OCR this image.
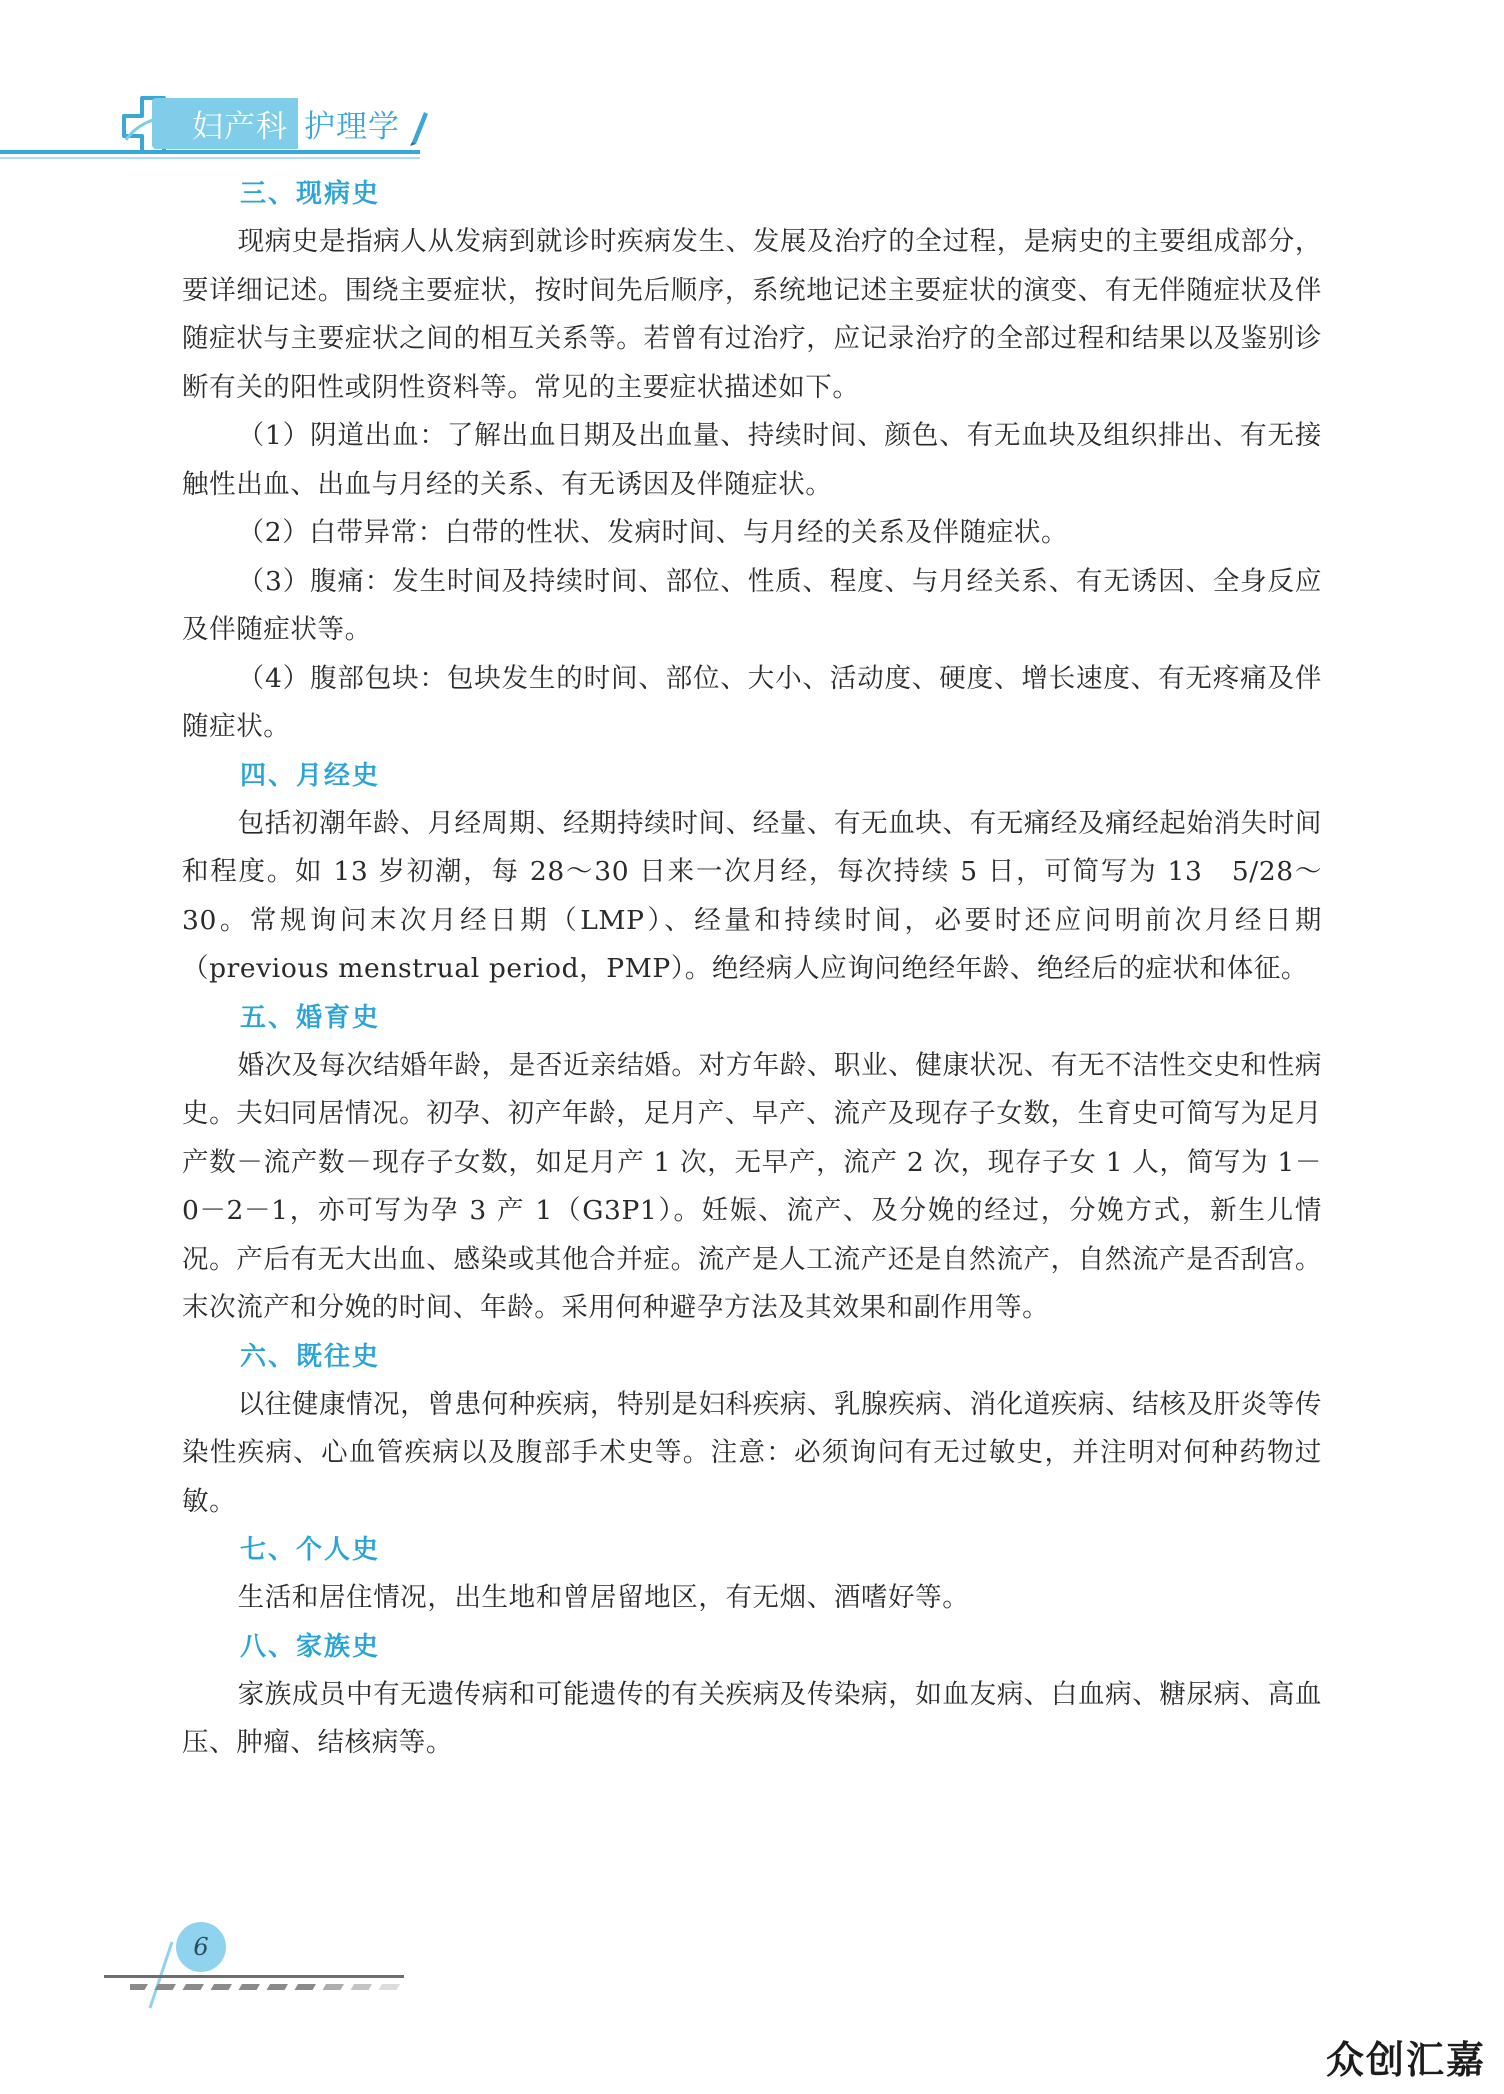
妇产科 护理学
三、现病史

现病史是指病人从发病到就诊时疾病发生、发展及治疗的全过程，是病史的主要组成部分，要详细记述。围绕主要症状，按时间先后顺序，系统地记述主要症状的演变、有无伴随症状及伴随症状与主要症状之间的相互关系等。若曾有过治疗，应记录治疗的全部过程和结果以及鉴别诊断有关的阳性或阴性资料等。常见的主要症状描述如下。

（1）阴道出血：了解出血日期及出血量、持续时间、颜色、有无血块及组织排出、有无接触性出血、出血与月经的关系、有无诱因及伴随症状。

（2）白带异常：白带的性状、发病时间、与月经的关系及伴随症状。

（3）腹痛：发生时间及持续时间、部位、性质、程度、与月经关系、有无诱因、全身反应及伴随症状等。

（4）腹部包块：包块发生的时间、部位、大小、活动度、硬度、增长速度、有无疼痛及伴随症状。

四、月经史

包括初潮年龄、月经周期、经期持续时间、经量、有无血块、有无痛经及痛经起始消失时间和程度。如 13 岁初潮，每 28～30 日来一次月经，每次持续 5 日，可简写为 13　5/28～30。常规询问末次月经日期（LMP）、经量和持续时间，必要时还应问明前次月经日期（previous menstrual period，PMP）。绝经病人应询问绝经年龄、绝经后的症状和体征。

五、婚育史

婚次及每次结婚年龄，是否近亲结婚。对方年龄、职业、健康状况、有无不洁性交史和性病史。夫妇同居情况。初孕、初产年龄，足月产、早产、流产及现存子女数，生育史可简写为足月产数－流产数－现存子女数，如足月产 1 次，无早产，流产 2 次，现存子女 1 人，简写为 1－0－2－1，亦可写为孕 3 产 1（G3P1）。妊娠、流产、及分娩的经过，分娩方式，新生儿情况。产后有无大出血、感染或其他合并症。流产是人工流产还是自然流产，自然流产是否刮宫。末次流产和分娩的时间、年龄。采用何种避孕方法及其效果和副作用等。

六、既往史

以往健康情况，曾患何种疾病，特别是妇科疾病、乳腺疾病、消化道疾病、结核及肝炎等传染性疾病、心血管疾病以及腹部手术史等。注意：必须询问有无过敏史，并注明对何种药物过敏。

七、个人史

生活和居住情况，出生地和曾居留地区，有无烟、酒嗜好等。

八、家族史

家族成员中有无遗传病和可能遗传的有关疾病及传染病，如血友病、白血病、糖尿病、高血压、肿瘤、结核病等。

6
众创汇嘉
